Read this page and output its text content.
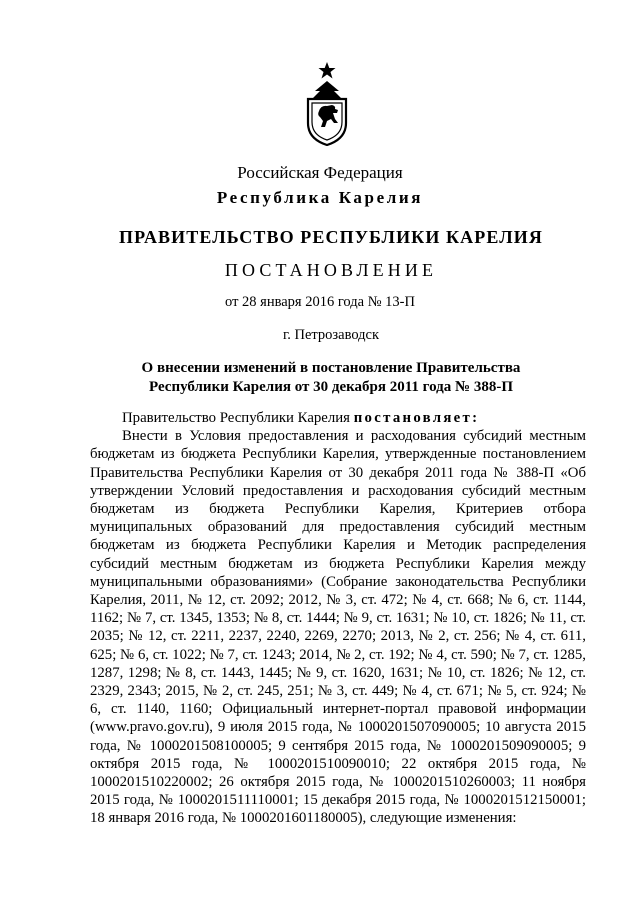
Российская Федерация
Республика Карелия
ПРАВИТЕЛЬСТВО РЕСПУБЛИКИ КАРЕЛИЯ
ПОСТАНОВЛЕНИЕ
от 28 января 2016 года № 13-П
г. Петрозаводск
О внесении изменений в постановление Правительства
Республики Карелия от 30 декабря 2011 года № 388-П

Правительство Республики Карелия постановляет:

Внести в Условия предоставления и расходования субсидий местным бюджетам из бюджета Республики Карелия, утвержденные постановлением Правительства Республики Карелия от 30 декабря 2011 года № 388-П «Об утверждении Условий предоставления и расходования субсидий местным бюджетам из бюджета Республики Карелия, Критериев отбора муниципальных образований для предоставления субсидий местным бюджетам из бюджета Республики Карелия и Методик распределения субсидий местным бюджетам из бюджета Республики Карелия между муниципальными образованиями» (Собрание законодательства Республики Карелия, 2011, № 12, ст. 2092; 2012, № 3, ст. 472; № 4, ст. 668; № 6, ст. 1144, 1162; № 7, ст. 1345, 1353; № 8, ст. 1444; № 9, ст. 1631; № 10, ст. 1826; № 11, ст. 2035; № 12, ст. 2211, 2237, 2240, 2269, 2270; 2013, № 2, ст. 256; № 4, ст. 611, 625; № 6, ст. 1022; № 7, ст. 1243; 2014, № 2, ст. 192; № 4, ст. 590; № 7, ст. 1285, 1287, 1298; № 8, ст. 1443, 1445; № 9, ст. 1620, 1631; № 10, ст. 1826; № 12, ст. 2329, 2343; 2015, № 2, ст. 245, 251; № 3, ст. 449; № 4, ст. 671; № 5, ст. 924; № 6, ст. 1140, 1160; Официальный интернет-портал правовой информации (www.pravo.gov.ru), 9 июля 2015 года, № 1000201507090005; 10 августа 2015 года, № 1000201508100005; 9 сентября 2015 года, № 1000201509090005; 9 октября 2015 года, № 1000201510090010; 22 октября 2015 года, № 1000201510220002; 26 октября 2015 года, № 1000201510260003; 11 ноября 2015 года, № 1000201511110001; 15 декабря 2015 года, № 1000201512150001; 18 января 2016 года, № 1000201601180005), следующие изменения:
